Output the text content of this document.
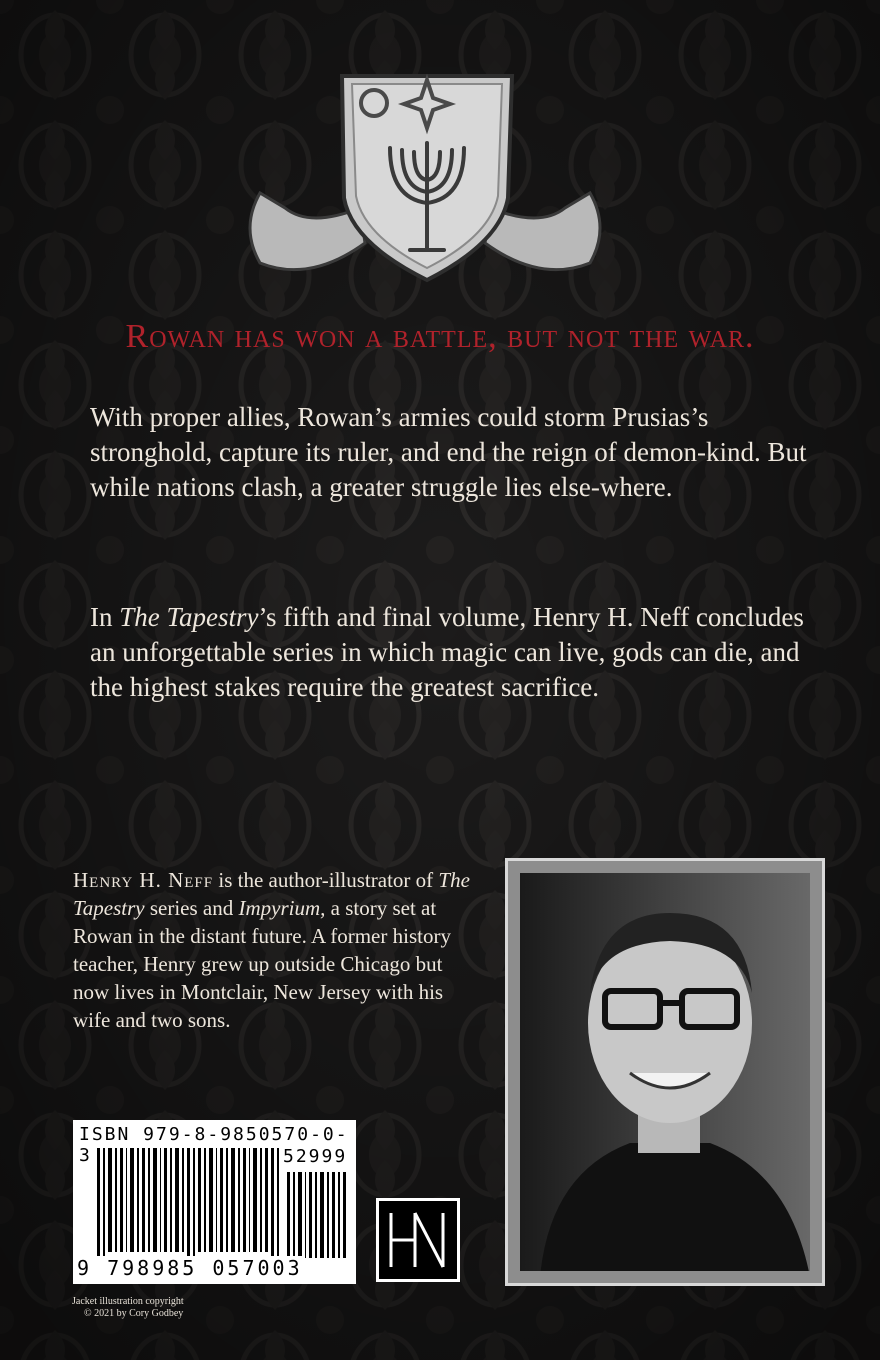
Rowan has won a battle, but not the war.
With proper allies, Rowan’s armies could storm Prusias’s stronghold, capture its ruler, and end the reign of demon-kind. But while nations clash, a greater struggle lies else-where.
In The Tapestry’s fifth and final volume, Henry H. Neff concludes an unforgettable series in which magic can live, gods can die, and the highest stakes require the greatest sacrifice.
Henry H. Neff is the author-illustrator of The Tapestry series and Impyrium, a story set at Rowan in the distant future. A former history teacher, Henry grew up outside Chicago but now lives in Montclair, New Jersey with his wife and two sons.
ISBN 979-8-9850570-0-3	52999
9 798985 057003
Jacket illustration copyright
© 2021 by Cory Godbey
